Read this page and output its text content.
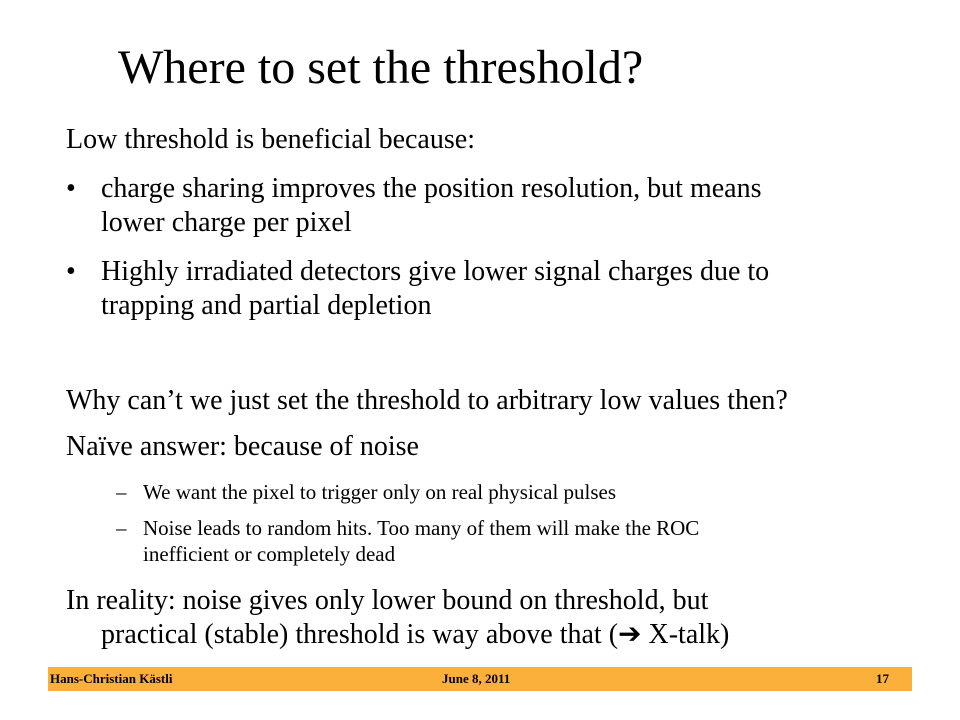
Where to set the threshold?
Low threshold is beneficial because:
• charge sharing improves the position resolution, but means
lower charge per pixel
• Highly irradiated detectors give lower signal charges due to
trapping and partial depletion
Why can’t we just set the threshold to arbitrary low values then?
Naïve answer: because of noise
– We want the pixel to trigger only on real physical pulses
– Noise leads to random hits. Too many of them will make the ROC
inefficient or completely dead
In reality: noise gives only lower bound on threshold, but
practical (stable) threshold is way above that (➔ X-talk)
Hans-Christian Kästli	June 8, 2011	17
